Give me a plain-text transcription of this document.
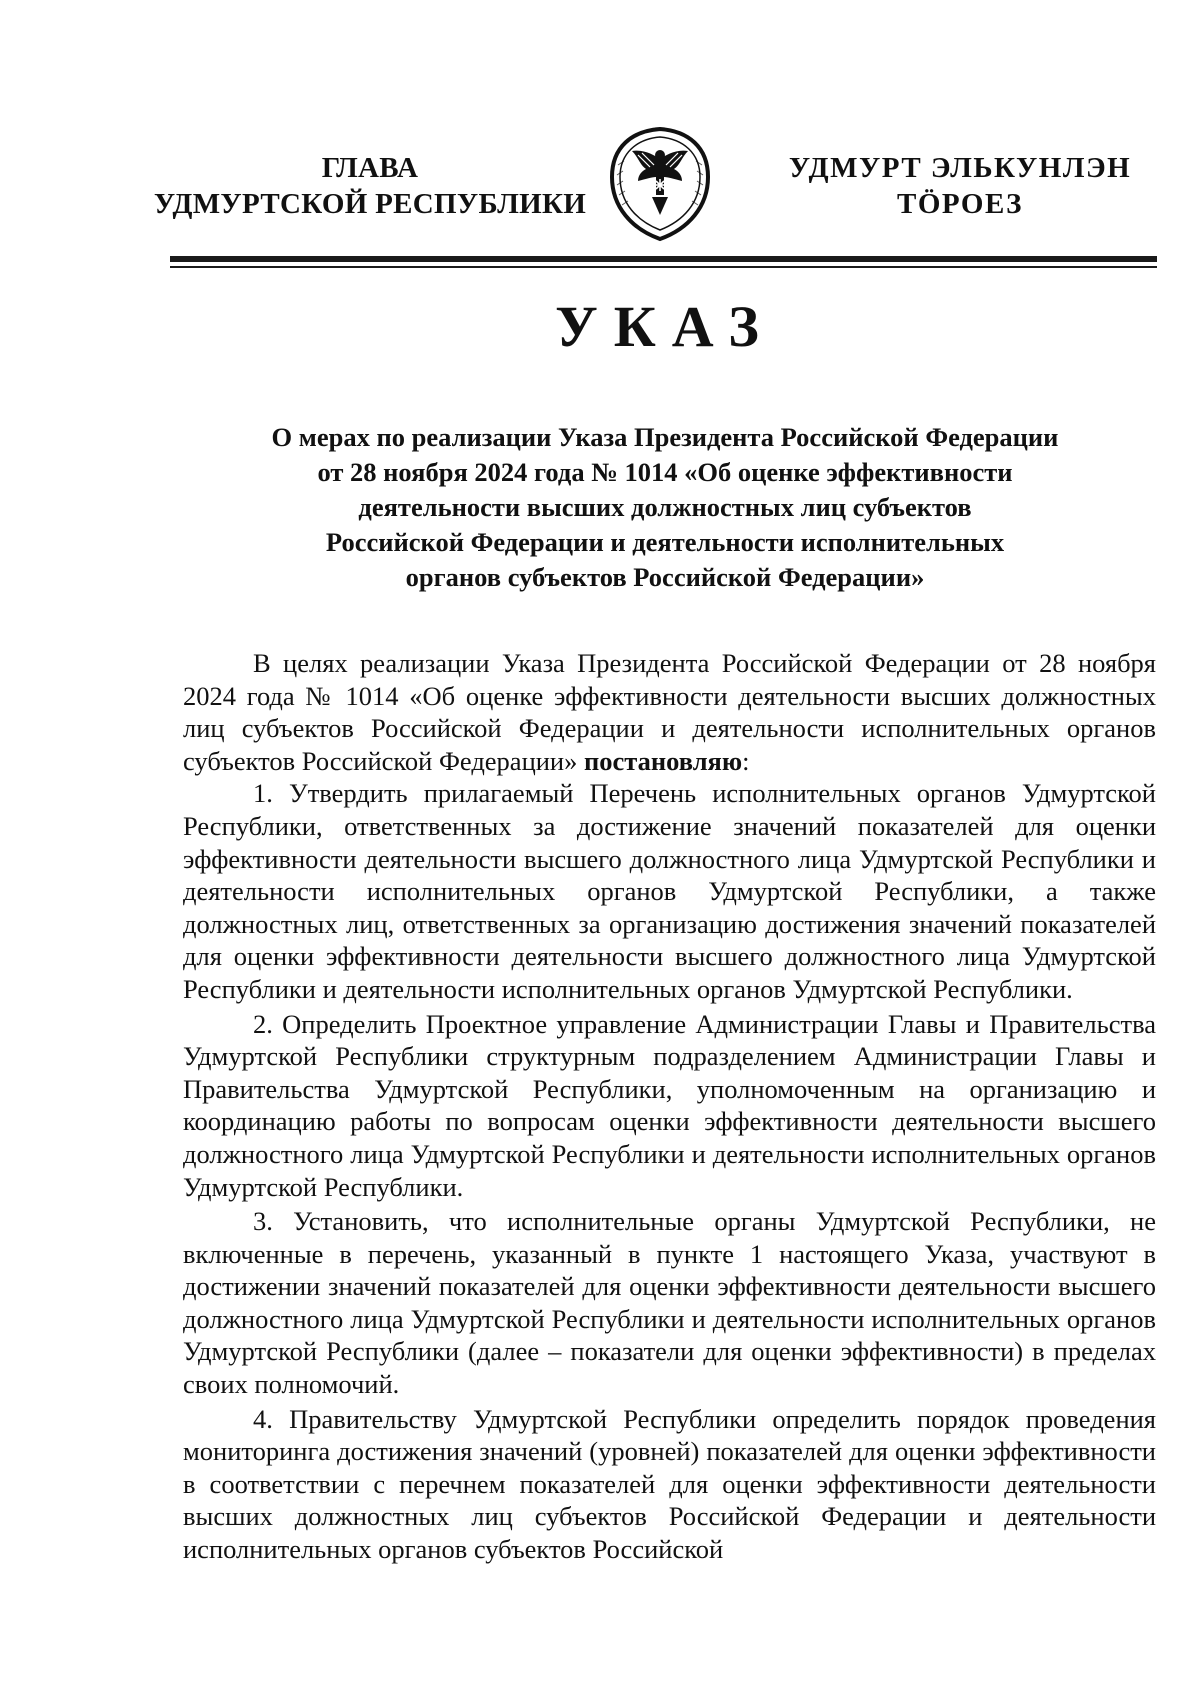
ГЛАВА
УДМУРТСКОЙ РЕСПУБЛИКИ
УДМУРТ ЭЛЬКУНЛЭН
ТӦРОЕЗ
УКАЗ
О мерах по реализации Указа Президента Российской Федерации
от 28 ноября 2024 года № 1014 «Об оценке эффективности
деятельности высших должностных лиц субъектов
Российской Федерации и деятельности исполнительных
органов субъектов Российской Федерации»

В целях реализации Указа Президента Российской Федерации от 28 ноября 2024 года № 1014 «Об оценке эффективности деятельности высших должностных лиц субъектов Российской Федерации и деятельности исполнительных органов субъектов Российской Федерации» постановляю:

1. Утвердить прилагаемый Перечень исполнительных органов Удмуртской Республики, ответственных за достижение значений показателей для оценки эффективности деятельности высшего должностного лица Удмуртской Республики и деятельности исполнительных органов Удмуртской Республики, а также должностных лиц, ответственных за организацию достижения значений показателей для оценки эффективности деятельности высшего должностного лица Удмуртской Республики и деятельности исполнительных органов Удмуртской Республики.

2. Определить Проектное управление Администрации Главы и Правительства Удмуртской Республики структурным подразделением Администрации Главы и Правительства Удмуртской Республики, уполномоченным на организацию и координацию работы по вопросам оценки эффективности деятельности высшего должностного лица Удмуртской Республики и деятельности исполнительных органов Удмуртской Республики.

3. Установить, что исполнительные органы Удмуртской Республики, не включенные в перечень, указанный в пункте 1 настоящего Указа, участвуют в достижении значений показателей для оценки эффективности деятельности высшего должностного лица Удмуртской Республики и деятельности исполнительных органов Удмуртской Республики (далее – показатели для оценки эффективности) в пределах своих полномочий.

4. Правительству Удмуртской Республики определить порядок проведения мониторинга достижения значений (уровней) показателей для оценки эффективности в соответствии с перечнем показателей для оценки эффективности деятельности высших должностных лиц субъектов Российской Федерации и деятельности исполнительных органов субъектов Российской
